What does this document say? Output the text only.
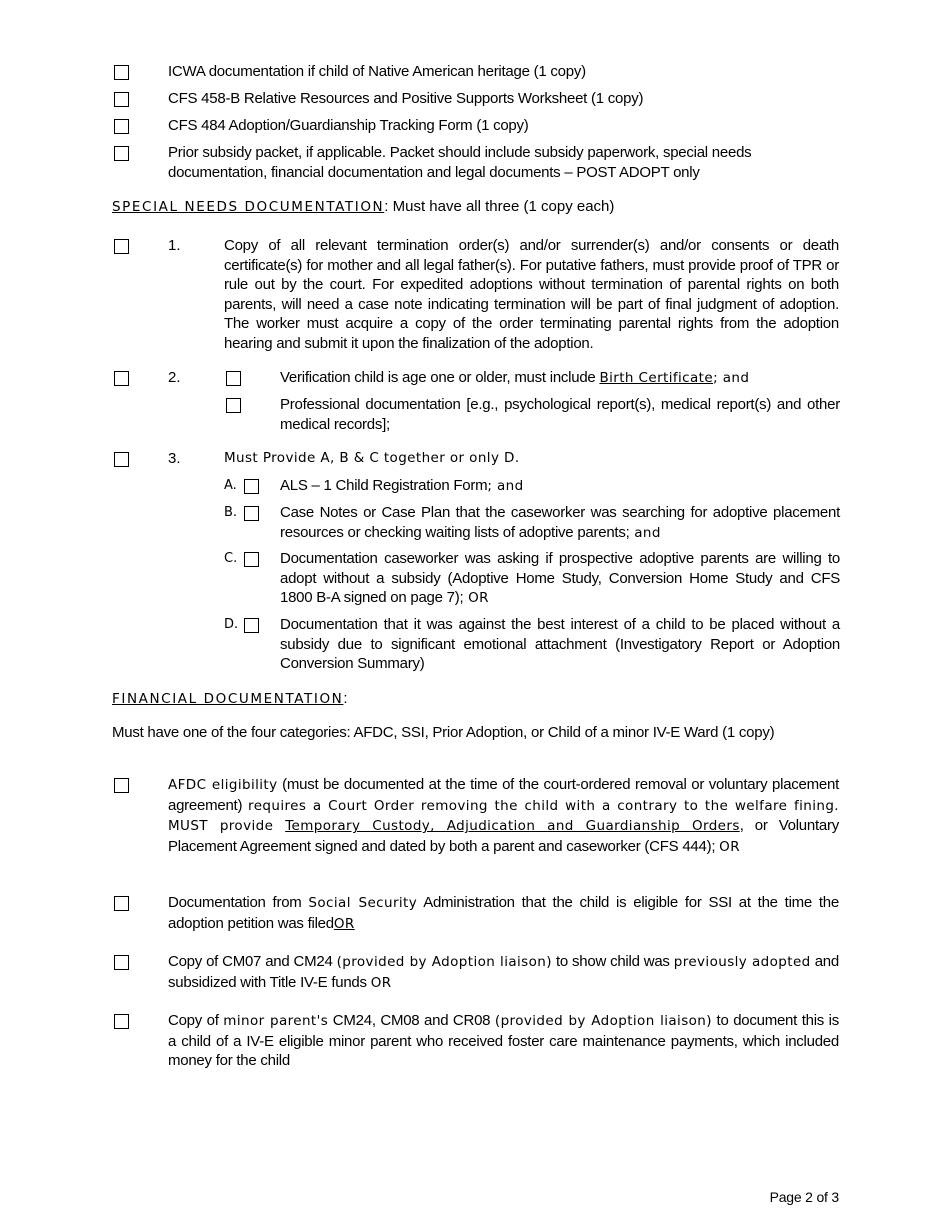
ICWA documentation if child of Native American heritage (1 copy)
CFS 458-B Relative Resources and Positive Supports Worksheet (1 copy)
CFS 484 Adoption/Guardianship Tracking Form (1 copy)
Prior subsidy packet, if applicable. Packet should include subsidy paperwork, special needs documentation, financial documentation and legal documents – POST ADOPT only
SPECIAL NEEDS DOCUMENTATION: Must have all three (1 copy each)
1.	Copy of all relevant termination order(s) and/or surrender(s) and/or consents or death certificate(s) for mother and all legal father(s). For putative fathers, must provide proof of TPR or rule out by the court. For expedited adoptions without termination of parental rights on both parents, will need a case note indicating termination will be part of final judgment of adoption. The worker must acquire a copy of the order terminating parental rights from the adoption hearing and submit it upon the finalization of the adoption.
2.	Verification child is age one or older, must include Birth Certificate; and
Professional documentation [e.g., psychological report(s), medical report(s) and other medical records];
3.	Must Provide A, B & C together or only D.
A.	ALS – 1 Child Registration Form; and
B.	Case Notes or Case Plan that the caseworker was searching for adoptive placement resources or checking waiting lists of adoptive parents; and
C.	Documentation caseworker was asking if prospective adoptive parents are willing to adopt without a subsidy (Adoptive Home Study, Conversion Home Study and CFS 1800 B-A signed on page 7); OR
D.	Documentation that it was against the best interest of a child to be placed without a subsidy due to significant emotional attachment (Investigatory Report or Adoption Conversion Summary)
FINANCIAL DOCUMENTATION:
Must have one of the four categories: AFDC, SSI, Prior Adoption, or Child of a minor IV-E Ward (1 copy)
AFDC eligibility (must be documented at the time of the court-ordered removal or voluntary placement agreement) requires a Court Order removing the child with a contrary to the welfare fining. MUST provide Temporary Custody, Adjudication and Guardianship Orders, or Voluntary Placement Agreement signed and dated by both a parent and caseworker (CFS 444); OR
Documentation from Social Security Administration that the child is eligible for SSI at the time the adoption petition was filedOR
Copy of CM07 and CM24 (provided by Adoption liaison) to show child was previously adopted and subsidized with Title IV-E funds OR
Copy of minor parent's CM24, CM08 and CR08 (provided by Adoption liaison) to document this is a child of a IV-E eligible minor parent who received foster care maintenance payments, which included money for the child
Page 2 of 3
